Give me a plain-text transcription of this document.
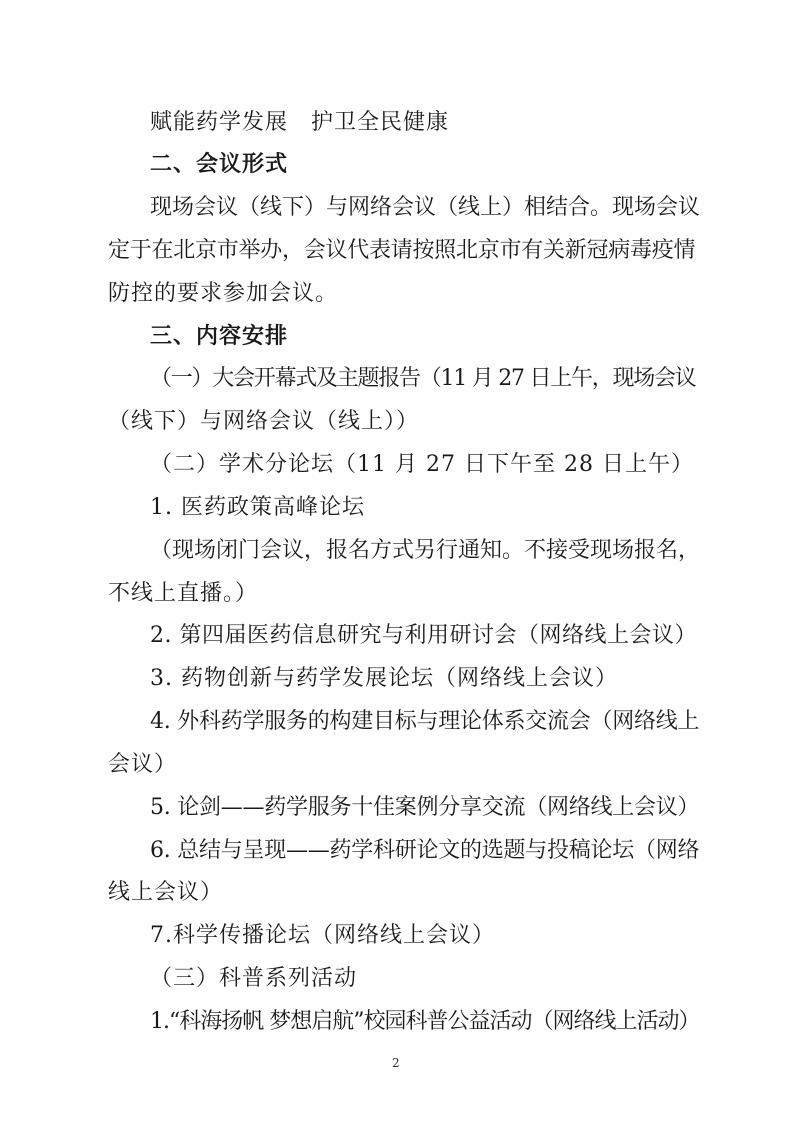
赋能药学发展　护卫全民健康
二、会议形式
现场会议（线下）与网络会议（线上）相结合。现场会议
定于在北京市举办，会议代表请按照北京市有关新冠病毒疫情
防控的要求参加会议。
三、内容安排
（一）大会开幕式及主题报告（11 月 27 日上午，现场会议
（线下）与网络会议（线上））
（二）学术分论坛（11 月 27 日下午至 28 日上午）
1. 医药政策高峰论坛
（现场闭门会议，报名方式另行通知。不接受现场报名，
不线上直播。）
2. 第四届医药信息研究与利用研讨会（网络线上会议）
3. 药物创新与药学发展论坛（网络线上会议）
4. 外科药学服务的构建目标与理论体系交流会（网络线上
会议）
5. 论剑——药学服务十佳案例分享交流（网络线上会议）
6. 总结与呈现——药学科研论文的选题与投稿论坛（网络
线上会议）
7.科学传播论坛（网络线上会议）
（三）科普系列活动
1.“科海扬帆 梦想启航”校园科普公益活动（网络线上活动）
2
